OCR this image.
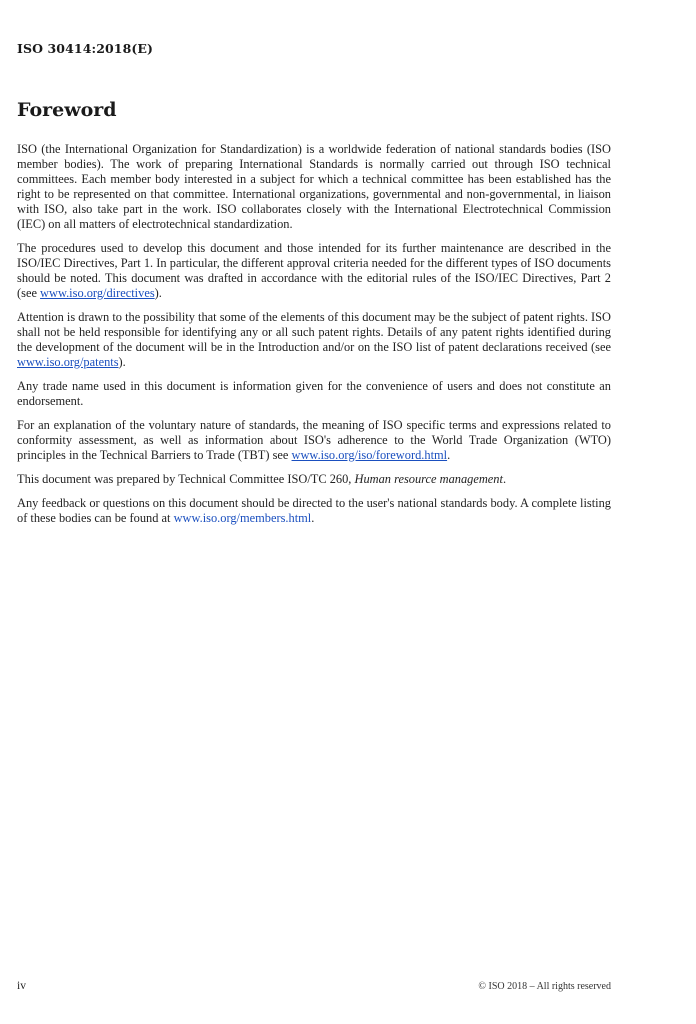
ISO 30414:2018(E)
Foreword

ISO (the International Organization for Standardization) is a worldwide federation of national standards bodies (ISO member bodies). The work of preparing International Standards is normally carried out through ISO technical committees. Each member body interested in a subject for which a technical committee has been established has the right to be represented on that committee. International organizations, governmental and non-governmental, in liaison with ISO, also take part in the work. ISO collaborates closely with the International Electrotechnical Commission (IEC) on all matters of electrotechnical standardization.

The procedures used to develop this document and those intended for its further maintenance are described in the ISO/IEC Directives, Part 1. In particular, the different approval criteria needed for the different types of ISO documents should be noted. This document was drafted in accordance with the editorial rules of the ISO/IEC Directives, Part 2 (see www.iso.org/directives).

Attention is drawn to the possibility that some of the elements of this document may be the subject of patent rights. ISO shall not be held responsible for identifying any or all such patent rights. Details of any patent rights identified during the development of the document will be in the Introduction and/or on the ISO list of patent declarations received (see www.iso.org/patents).

Any trade name used in this document is information given for the convenience of users and does not constitute an endorsement.

For an explanation of the voluntary nature of standards, the meaning of ISO specific terms and expressions related to conformity assessment, as well as information about ISO's adherence to the World Trade Organization (WTO) principles in the Technical Barriers to Trade (TBT) see www.iso.org/iso/foreword.html.

This document was prepared by Technical Committee ISO/TC 260, Human resource management.

Any feedback or questions on this document should be directed to the user's national standards body. A complete listing of these bodies can be found at www.iso.org/members.html.

iv	© ISO 2018 – All rights reserved
